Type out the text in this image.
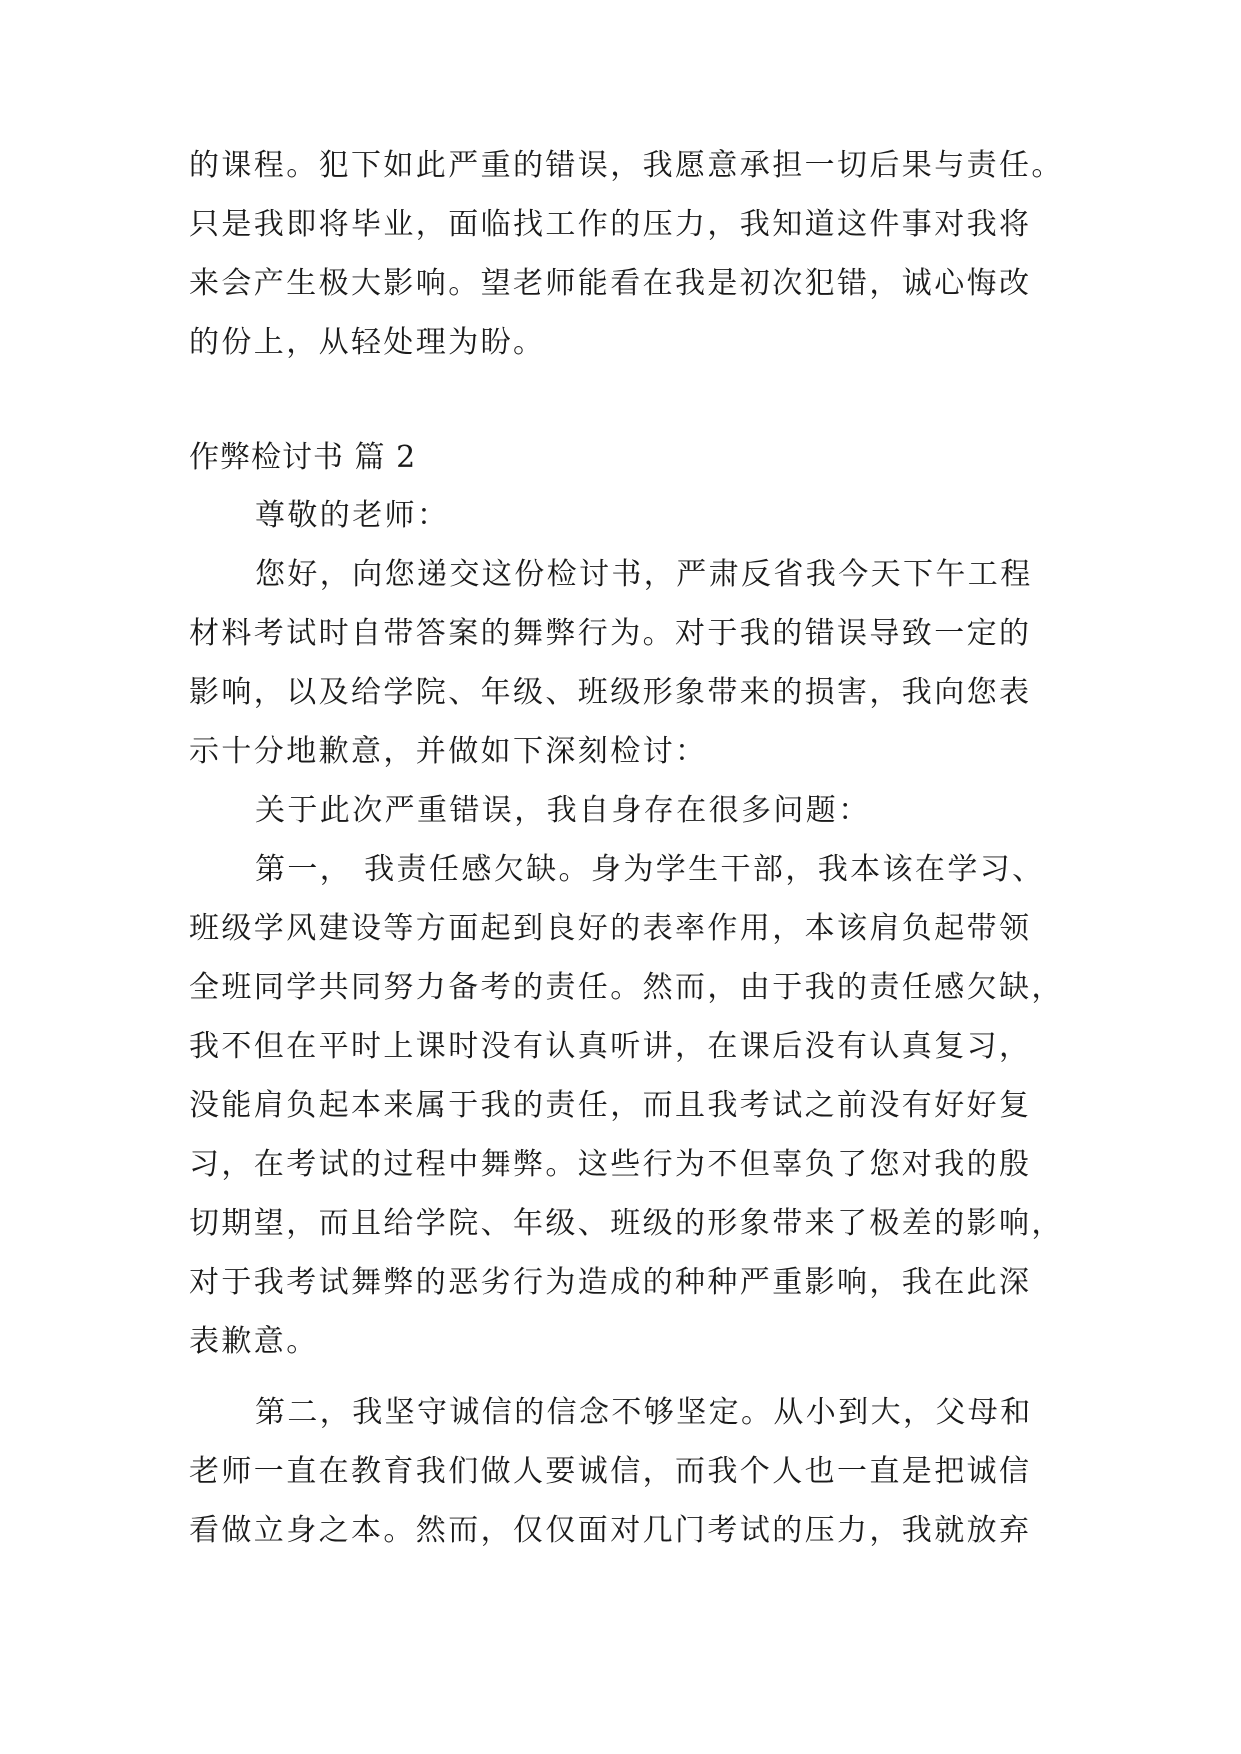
的课程。犯下如此严重的错误，我愿意承担一切后果与责任。
只是我即将毕业，面临找工作的压力，我知道这件事对我将
来会产生极大影响。望老师能看在我是初次犯错，诚心悔改
的份上，从轻处理为盼。
作弊检讨书 篇 2
尊敬的老师：
您好，向您递交这份检讨书，严肃反省我今天下午工程
材料考试时自带答案的舞弊行为。对于我的错误导致一定的
影响，以及给学院、年级、班级形象带来的损害，我向您表
示十分地歉意，并做如下深刻检讨：
关于此次严重错误，我自身存在很多问题：
第一， 我责任感欠缺。身为学生干部，我本该在学习、
班级学风建设等方面起到良好的表率作用，本该肩负起带领
全班同学共同努力备考的责任。然而，由于我的责任感欠缺，
我不但在平时上课时没有认真听讲，在课后没有认真复习，
没能肩负起本来属于我的责任，而且我考试之前没有好好复
习，在考试的过程中舞弊。这些行为不但辜负了您对我的殷
切期望，而且给学院、年级、班级的形象带来了极差的影响，
对于我考试舞弊的恶劣行为造成的种种严重影响，我在此深
表歉意。
第二，我坚守诚信的信念不够坚定。从小到大，父母和
老师一直在教育我们做人要诚信，而我个人也一直是把诚信
看做立身之本。然而，仅仅面对几门考试的压力，我就放弃
